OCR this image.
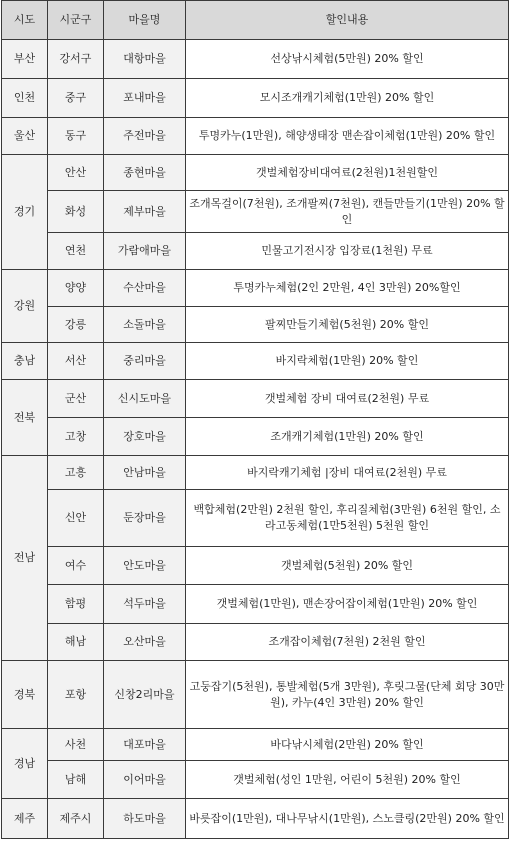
시도	시군구	마을명	할인내용
부산	강서구	대항마을	선상낚시체험(5만원) 20% 할인
인천	중구	포내마을	모시조개캐기체험(1만원) 20% 할인
울산	동구	주전마을	투명카누(1만원), 해양생태장 맨손잡이체험(1만원) 20% 할인
경기	안산	종현마을	갯벌체험장비대여료(2천원)1천원할인
	화성	제부마을	조개목걸이(7천원), 조개팔찌(7천원), 캔들만들기(1만원) 20% 할인
	연천	가람애마을	민물고기전시장 입장료(1천원) 무료
강원	양양	수산마을	투명카누체험(2인 2만원, 4인 3만원) 20%할인
	강릉	소돌마을	팔찌만들기체험(5천원) 20% 할인
충남	서산	중리마을	바지락체험(1만원) 20% 할인
전북	군산	신시도마을	갯벌체험 장비 대여료(2천원) 무료
	고창	장호마을	조개캐기체험(1만원) 20% 할인
전남	고흥	안남마을	바지락캐기체험 |장비 대여료(2천원) 무료
	신안	둔장마을	백합체험(2만원) 2천원 할인, 후리질체험(3만원) 6천원 할인, 소라고동체험(1만5천원) 5천원 할인
	여수	안도마을	갯벌체험(5천원) 20% 할인
	함평	석두마을	갯벌체험(1만원), 맨손장어잡이체험(1만원) 20% 할인
	해남	오산마을	조개잡이체험(7천원) 2천원 할인
경북	포항	신창2리마을	고둥잡기(5천원), 통발체험(5개 3만원), 후릿그물(단체 회당 30만원), 카누(4인 3만원) 20% 할인
경남	사천	대포마을	바다낚시체험(2만원) 20% 할인
	남해	이어마을	갯벌체험(성인 1만원, 어린이 5천원) 20% 할인
제주	제주시	하도마을	바릇잡이(1만원), 대나무낚시(1만원), 스노클링(2만원) 20% 할인
